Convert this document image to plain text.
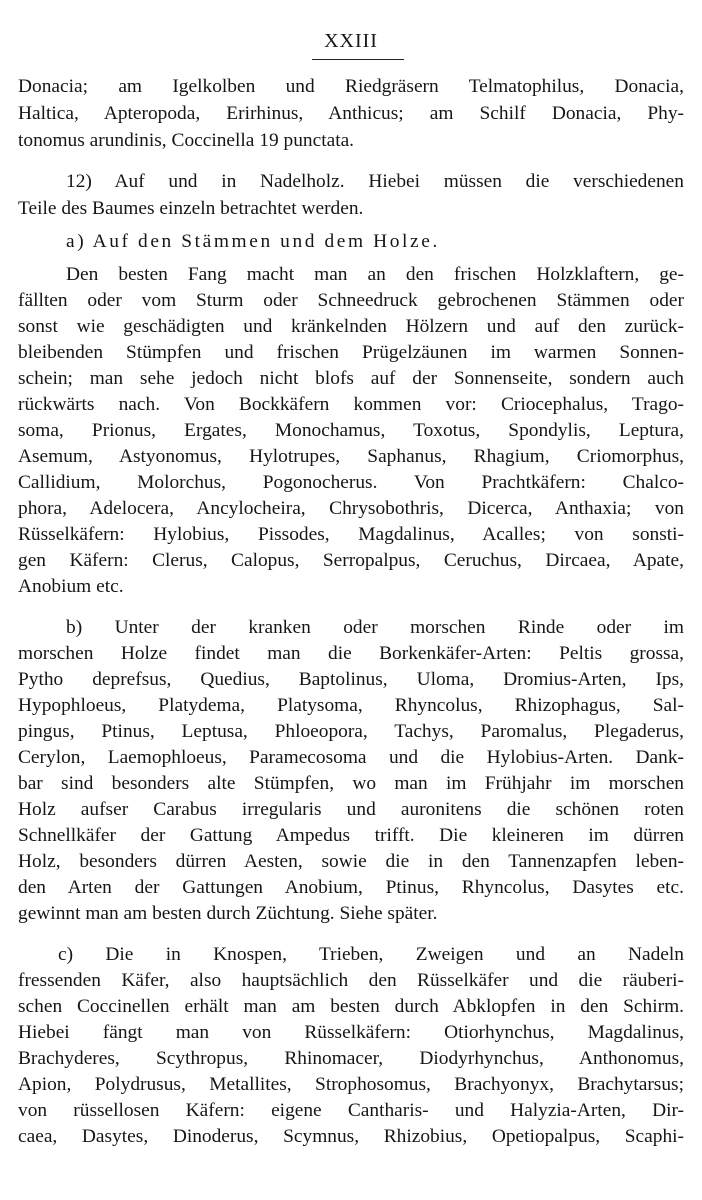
XXIII
Donacia; am Igelkolben und Riedgräsern Telmatophilus, Donacia,
Haltica, Apteropoda, Erirhinus, Anthicus; am Schilf Donacia, Phy-
tonomus arundinis, Coccinella 19 punctata.
12) Auf und in Nadelholz. Hiebei müssen die verschiedenen
Teile des Baumes einzeln betrachtet werden.
a) Auf den Stämmen und dem Holze.
Den besten Fang macht man an den frischen Holzklaftern, ge-
fällten oder vom Sturm oder Schneedruck gebrochenen Stämmen oder
sonst wie geschädigten und kränkelnden Hölzern und auf den zurück-
bleibenden Stümpfen und frischen Prügelzäunen im warmen Sonnen-
schein; man sehe jedoch nicht blofs auf der Sonnenseite, sondern auch
rückwärts nach. Von Bockkäfern kommen vor: Criocephalus, Trago-
soma, Prionus, Ergates, Monochamus, Toxotus, Spondylis, Leptura,
Asemum, Astyonomus, Hylotrupes, Saphanus, Rhagium, Criomorphus,
Callidium, Molorchus, Pogonocherus. Von Prachtkäfern: Chalco-
phora, Adelocera, Ancylocheira, Chrysobothris, Dicerca, Anthaxia; von
Rüsselkäfern: Hylobius, Pissodes, Magdalinus, Acalles; von sonsti-
gen Käfern: Clerus, Calopus, Serropalpus, Ceruchus, Dircaea, Apate,
Anobium etc.
b) Unter der kranken oder morschen Rinde oder im
morschen Holze findet man die Borkenkäfer-Arten: Peltis grossa,
Pytho deprefsus, Quedius, Baptolinus, Uloma, Dromius-Arten, Ips,
Hypophloeus, Platydema, Platysoma, Rhyncolus, Rhizophagus, Sal-
pingus, Ptinus, Leptusa, Phloeopora, Tachys, Paromalus, Plegaderus,
Cerylon, Laemophloeus, Paramecosoma und die Hylobius-Arten. Dank-
bar sind besonders alte Stümpfen, wo man im Frühjahr im morschen
Holz aufser Carabus irregularis und auronitens die schönen roten
Schnellkäfer der Gattung Ampedus trifft. Die kleineren im dürren
Holz, besonders dürren Aesten, sowie die in den Tannenzapfen leben-
den Arten der Gattungen Anobium, Ptinus, Rhyncolus, Dasytes etc.
gewinnt man am besten durch Züchtung. Siehe später.
c) Die in Knospen, Trieben, Zweigen und an Nadeln
fressenden Käfer, also hauptsächlich den Rüsselkäfer und die räuberi-
schen Coccinellen erhält man am besten durch Abklopfen in den Schirm.
Hiebei fängt man von Rüsselkäfern: Otiorhynchus, Magdalinus,
Brachyderes, Scythropus, Rhinomacer, Diodyrhynchus, Anthonomus,
Apion, Polydrusus, Metallites, Strophosomus, Brachyonyx, Brachytarsus;
von rüssellosen Käfern: eigene Cantharis- und Halyzia-Arten, Dir-
caea, Dasytes, Dinoderus, Scymnus, Rhizobius, Opetiopalpus, Scaphi-
